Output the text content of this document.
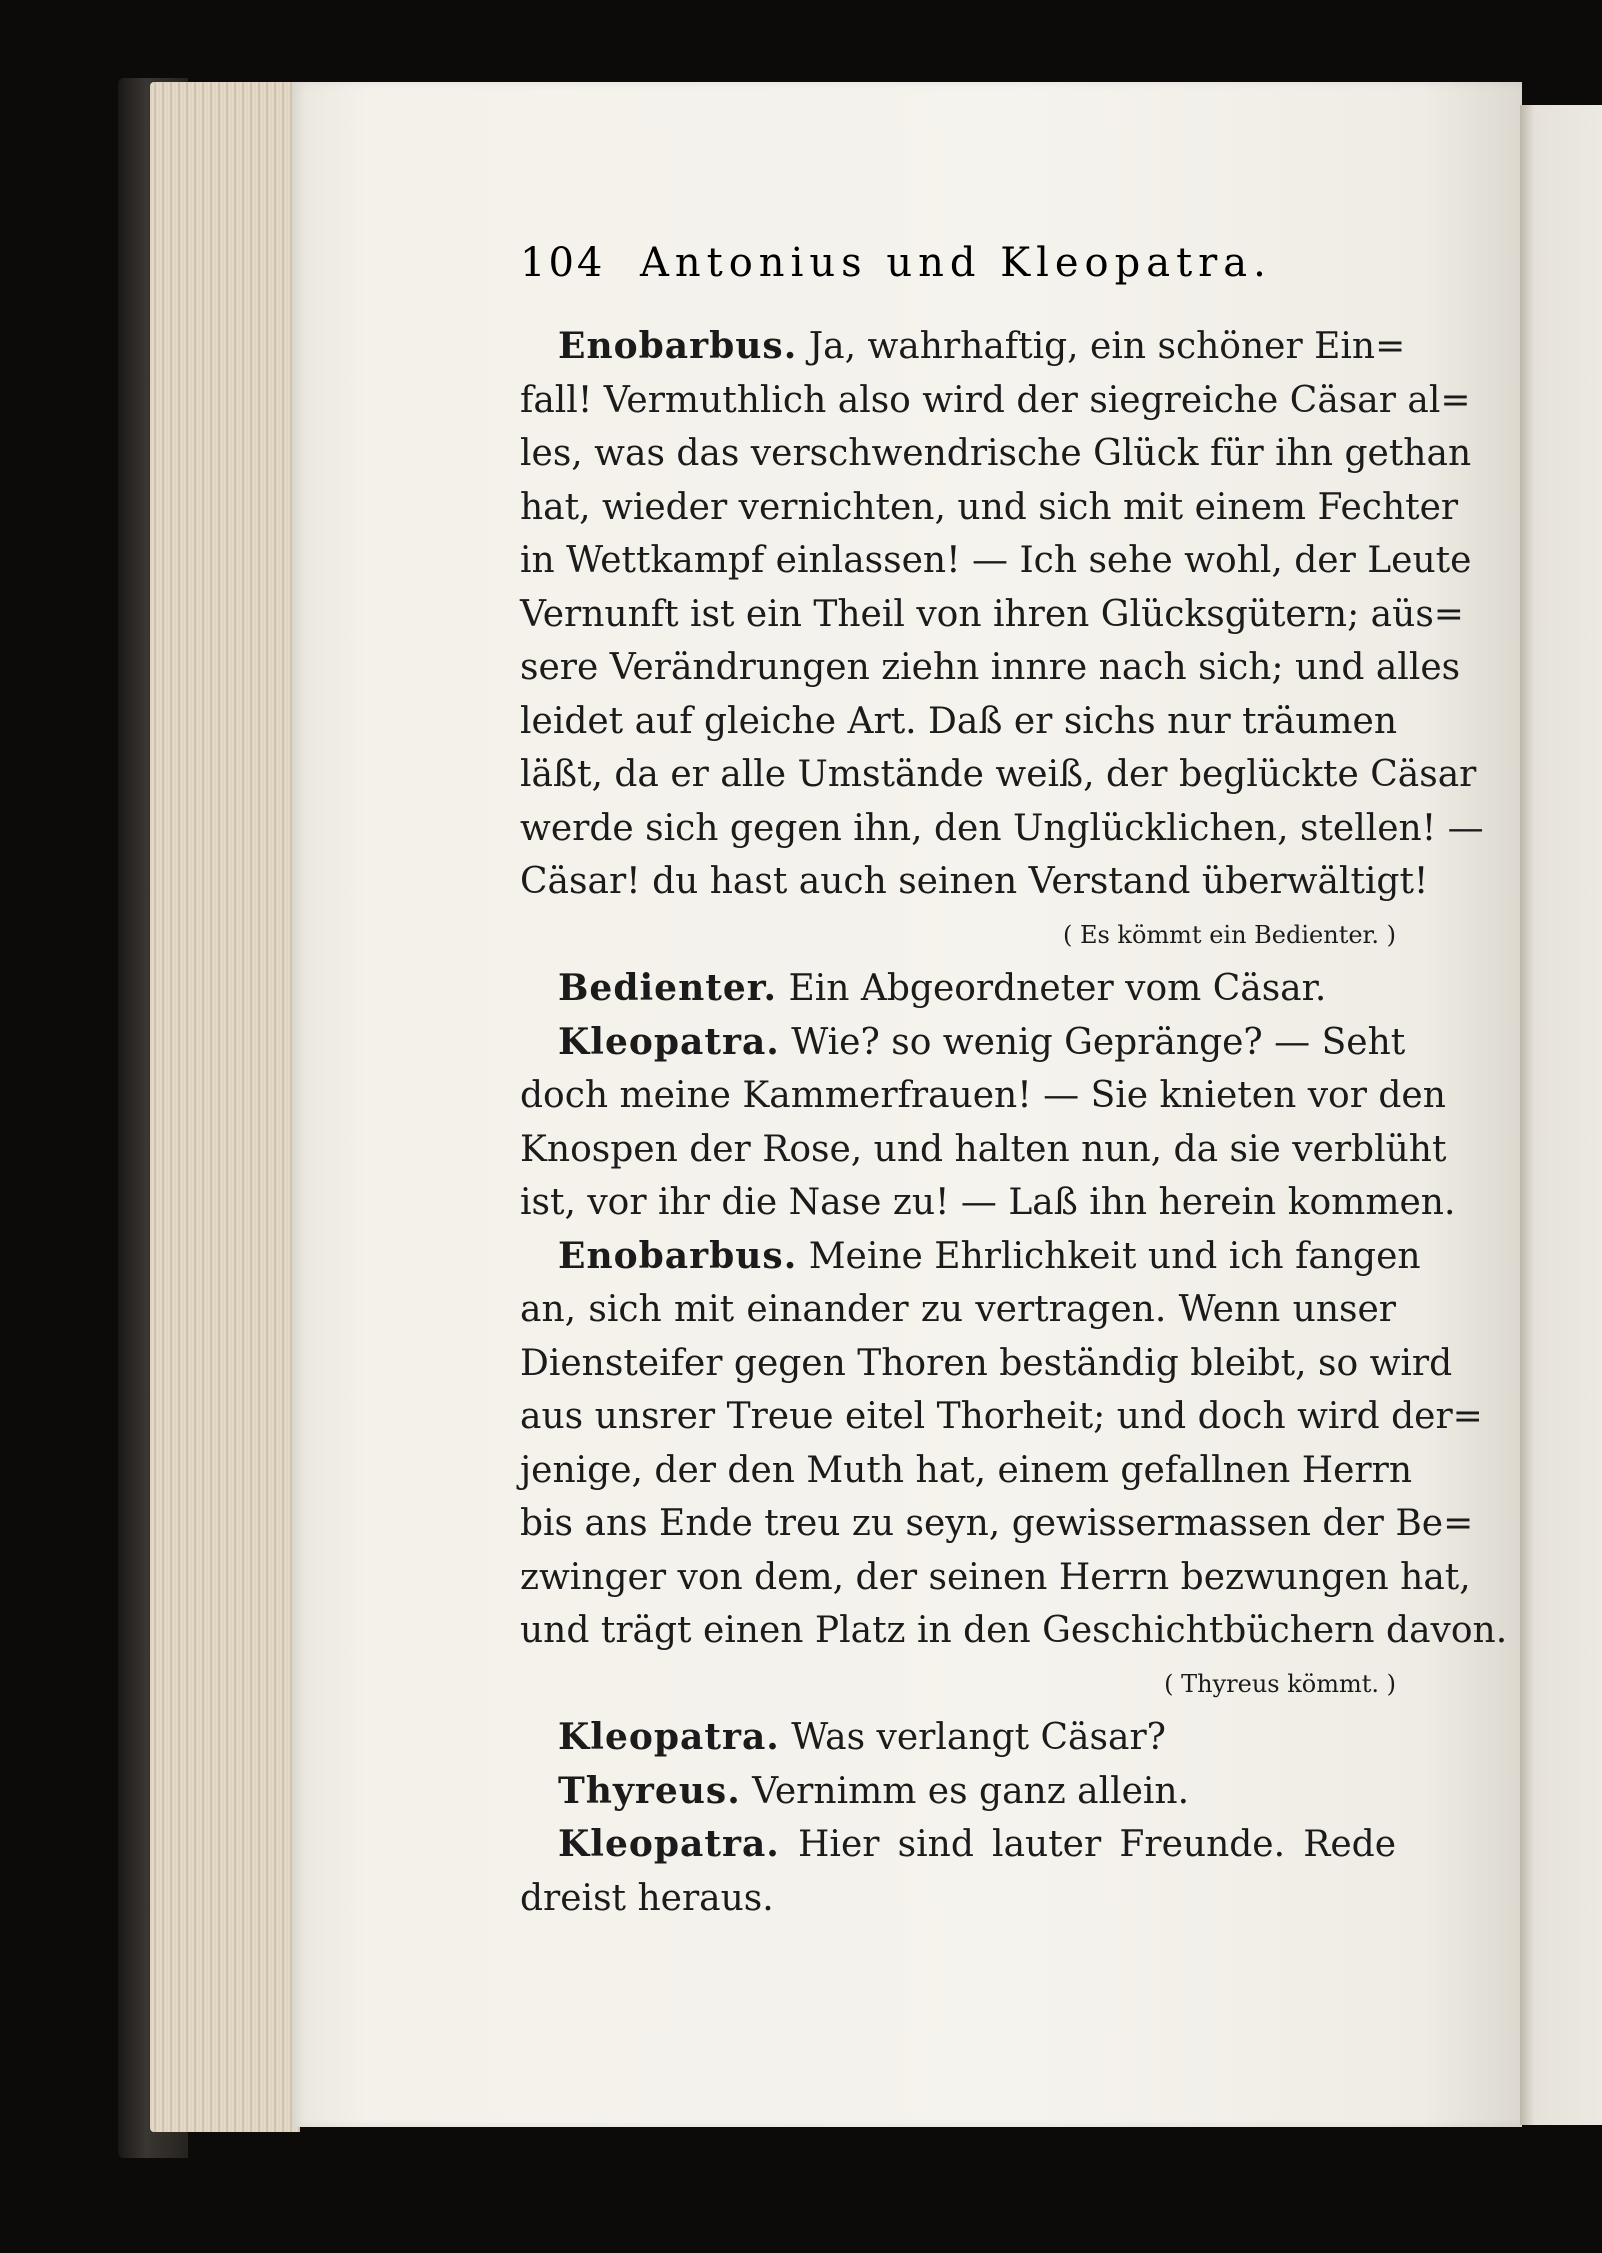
104 Antonius und Kleopatra.
Enobarbus. Ja, wahrhaftig, ein schöner Ein=
fall! Vermuthlich also wird der siegreiche Cäsar al=
les, was das verschwendrische Glück für ihn gethan
hat, wieder vernichten, und sich mit einem Fechter
in Wettkampf einlassen! — Ich sehe wohl, der Leute
Vernunft ist ein Theil von ihren Glücksgütern; aüs=
sere Verändrungen ziehn innre nach sich; und alles
leidet auf gleiche Art. Daß er sichs nur träumen
läßt, da er alle Umstände weiß, der beglückte Cäsar
werde sich gegen ihn, den Unglücklichen, stellen! —
Cäsar! du hast auch seinen Verstand überwältigt!
( Es kömmt ein Bedienter. )
Bedienter. Ein Abgeordneter vom Cäsar.
Kleopatra. Wie? so wenig Gepränge? — Seht
doch meine Kammerfrauen! — Sie knieten vor den
Knospen der Rose, und halten nun, da sie verblüht
ist, vor ihr die Nase zu! — Laß ihn herein kommen.
Enobarbus. Meine Ehrlichkeit und ich fangen
an, sich mit einander zu vertragen. Wenn unser
Diensteifer gegen Thoren beständig bleibt, so wird
aus unsrer Treue eitel Thorheit; und doch wird der=
jenige, der den Muth hat, einem gefallnen Herrn
bis ans Ende treu zu seyn, gewissermassen der Be=
zwinger von dem, der seinen Herrn bezwungen hat,
und trägt einen Platz in den Geschichtbüchern davon.
( Thyreus kömmt. )
Kleopatra. Was verlangt Cäsar?
Thyreus. Vernimm es ganz allein.
Kleopatra. Hier sind lauter Freunde. Rede
dreist heraus.
